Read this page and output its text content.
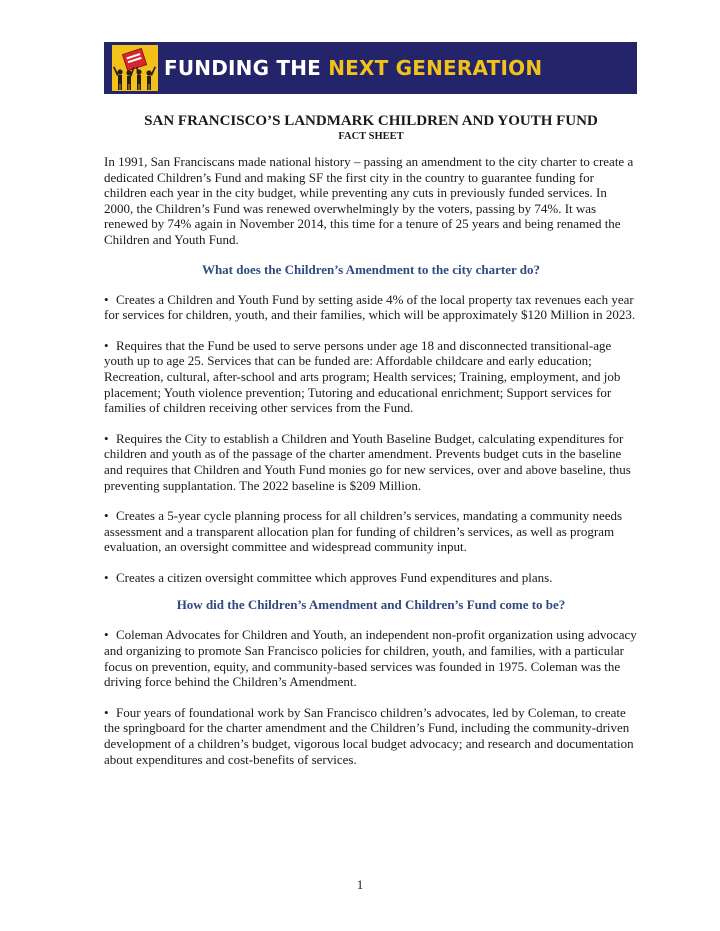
FUNDING THE NEXT GENERATION

SAN FRANCISCO’S LANDMARK CHILDREN AND YOUTH FUND

FACT SHEET

In 1991, San Franciscans made national history – passing an amendment to the city charter to create a dedicated Children’s Fund and making SF the first city in the country to guarantee funding for children each year in the city budget, while preventing any cuts in previously funded services. In 2000, the Children’s Fund was renewed overwhelmingly by the voters, passing by 74%. It was renewed by 74% again in November 2014, this time for a tenure of 25 years and being renamed the Children and Youth Fund.

What does the Children’s Amendment to the city charter do?
• Creates a Children and Youth Fund by setting aside 4% of the local property tax revenues each year for services for children, youth, and their families, which will be approximately $120 Million in 2023.
• Requires that the Fund be used to serve persons under age 18 and disconnected transitional-age youth up to age 25. Services that can be funded are: Affordable childcare and early education; Recreation, cultural, after-school and arts program; Health services; Training, employment, and job placement; Youth violence prevention; Tutoring and educational enrichment; Support services for families of children receiving other services from the Fund.
• Requires the City to establish a Children and Youth Baseline Budget, calculating expenditures for children and youth as of the passage of the charter amendment. Prevents budget cuts in the baseline and requires that Children and Youth Fund monies go for new services, over and above baseline, thus preventing supplantation. The 2022 baseline is $209 Million.
• Creates a 5-year cycle planning process for all children’s services, mandating a community needs assessment and a transparent allocation plan for funding of children’s services, as well as program evaluation, an oversight committee and widespread community input.
• Creates a citizen oversight committee which approves Fund expenditures and plans.
How did the Children’s Amendment and Children’s Fund come to be?
• Coleman Advocates for Children and Youth, an independent non-profit organization using advocacy and organizing to promote San Francisco policies for children, youth, and families, with a particular focus on prevention, equity, and community-based services was founded in 1975. Coleman was the driving force behind the Children’s Amendment.
• Four years of foundational work by San Francisco children’s advocates, led by Coleman, to create the springboard for the charter amendment and the Children’s Fund, including the community-driven development of a children’s budget, vigorous local budget advocacy; and research and documentation about expenditures and cost-benefits of services.
1
